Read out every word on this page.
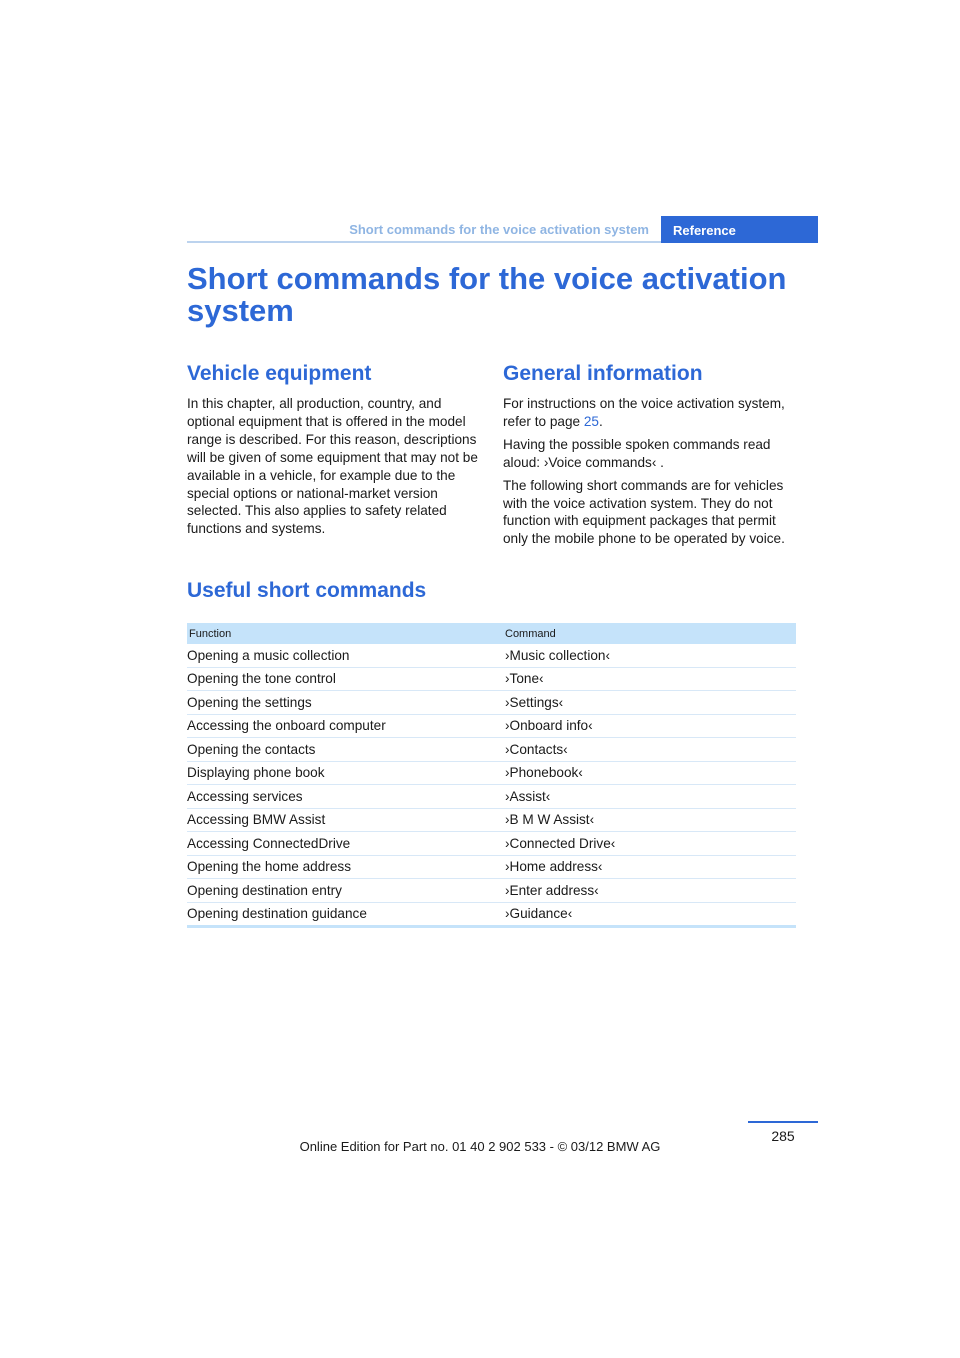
Short commands for the voice activation system	Reference
Short commands for the voice activation system
Vehicle equipment

In this chapter, all production, country, and optional equipment that is offered in the model range is described. For this reason, descriptions will be given of some equipment that may not be available in a vehicle, for example due to the special options or national-market version selected. This also applies to safety related functions and systems.

General information

For instructions on the voice activation system, refer to page 25.

Having the possible spoken commands read aloud: ›Voice commands‹ .

The following short commands are for vehicles with the voice activation system. They do not function with equipment packages that permit only the mobile phone to be operated by voice.

Useful short commands
Function	Command
Opening a music collection	›Music collection‹
Opening the tone control	›Tone‹
Opening the settings	›Settings‹
Accessing the onboard computer	›Onboard info‹
Opening the contacts	›Contacts‹
Displaying phone book	›Phonebook‹
Accessing services	›Assist‹
Accessing BMW Assist	›B M W Assist‹
Accessing ConnectedDrive	›Connected Drive‹
Opening the home address	›Home address‹
Opening destination entry	›Enter address‹
Opening destination guidance	›Guidance‹
285
Online Edition for Part no. 01 40 2 902 533 - © 03/12 BMW AG
